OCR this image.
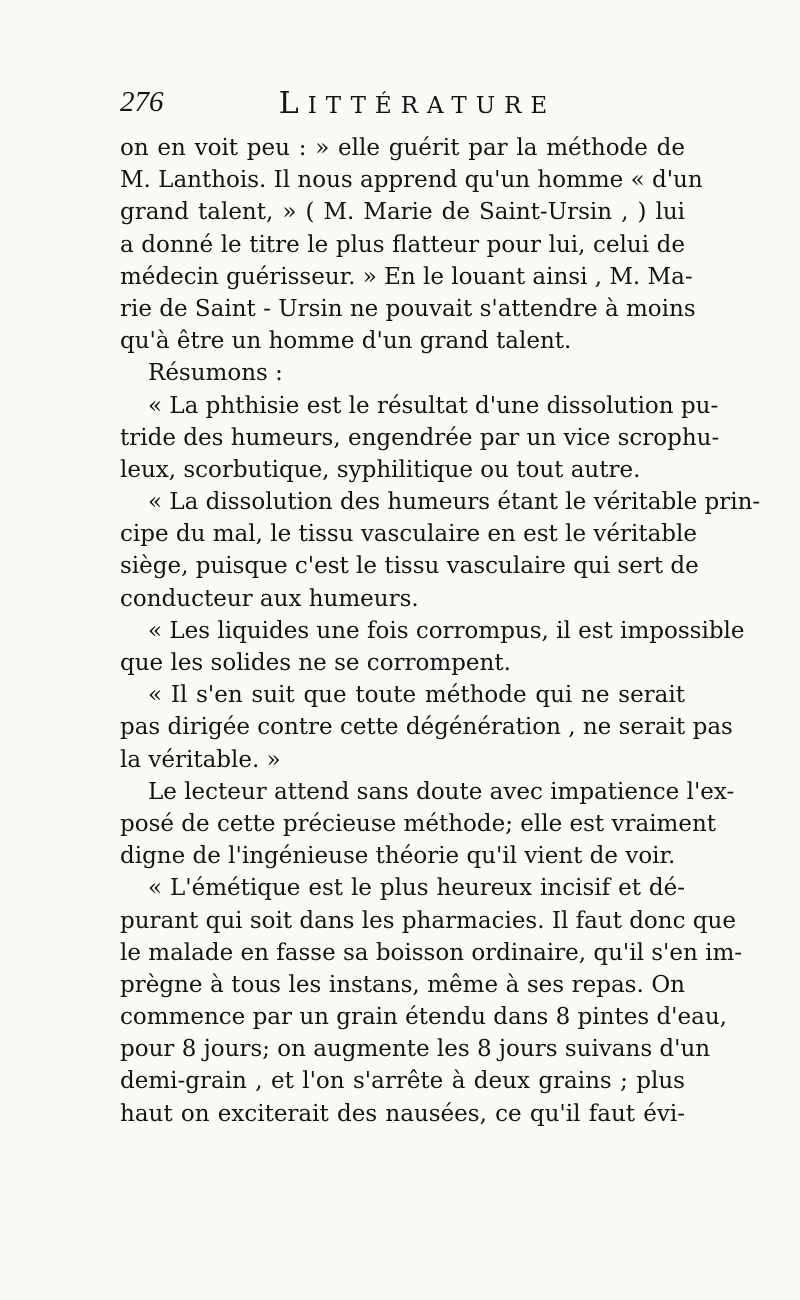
276	LITTÉRATURE
on en voit peu : » elle guérit par la méthode de
M. Lanthois. Il nous apprend qu'un homme « d'un
grand talent, » ( M. Marie de Saint-Ursin , ) lui
a donné le titre le plus flatteur pour lui, celui de
médecin guérisseur. » En le louant ainsi , M. Ma-
rie de Saint - Ursin ne pouvait s'attendre à moins
qu'à être un homme d'un grand talent.
Résumons :
« La phthisie est le résultat d'une dissolution pu-
tride des humeurs, engendrée par un vice scrophu-
leux, scorbutique, syphilitique ou tout autre.
« La dissolution des humeurs étant le véritable prin-
cipe du mal, le tissu vasculaire en est le véritable
siège, puisque c'est le tissu vasculaire qui sert de
conducteur aux humeurs.
« Les liquides une fois corrompus, il est impossible
que les solides ne se corrompent.
« Il s'en suit que toute méthode qui ne serait
pas dirigée contre cette dégénération , ne serait pas
la véritable. »
Le lecteur attend sans doute avec impatience l'ex-
posé de cette précieuse méthode; elle est vraiment
digne de l'ingénieuse théorie qu'il vient de voir.
« L'émétique est le plus heureux incisif et dé-
purant qui soit dans les pharmacies. Il faut donc que
le malade en fasse sa boisson ordinaire, qu'il s'en im-
prègne à tous les instans, même à ses repas. On
commence par un grain étendu dans 8 pintes d'eau,
pour 8 jours; on augmente les 8 jours suivans d'un
demi-grain , et l'on s'arrête à deux grains ; plus
haut on exciterait des nausées, ce qu'il faut évi-
